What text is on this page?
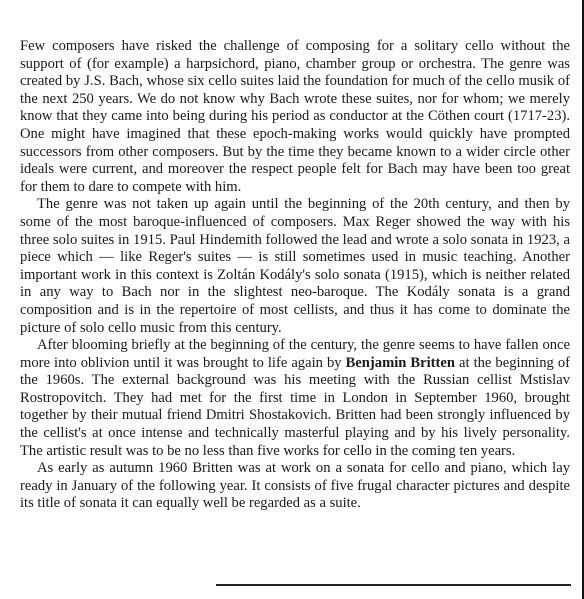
Few composers have risked the challenge of composing for a solitary cello without the support of (for example) a harpsichord, piano, chamber group or orchestra. The genre was created by J.S. Bach, whose six cello suites laid the foundation for much of the cello musik of the next 250 years. We do not know why Bach wrote these suites, nor for whom; we merely know that they came into being during his period as conductor at the Cöthen court (1717-23). One might have imagined that these epoch-making works would quickly have prompted successors from other composers. But by the time they became known to a wider circle other ideals were current, and moreover the respect people felt for Bach may have been too great for them to dare to compete with him.

The genre was not taken up again until the beginning of the 20th century, and then by some of the most baroque-influenced of composers. Max Reger showed the way with his three solo suites in 1915. Paul Hindemith followed the lead and wrote a solo sonata in 1923, a piece which — like Reger's suites — is still sometimes used in music teaching. Another important work in this context is Zoltán Kodály's solo sonata (1915), which is neither related in any way to Bach nor in the slightest neo-baroque. The Kodály sonata is a grand composition and is in the repertoire of most cellists, and thus it has come to dominate the picture of solo cello music from this century.

After blooming briefly at the beginning of the century, the genre seems to have fallen once more into oblivion until it was brought to life again by Benjamin Britten at the beginning of the 1960s. The external background was his meeting with the Russian cellist Mstislav Rostropovitch. They had met for the first time in London in September 1960, brought together by their mutual friend Dmitri Shostakovich. Britten had been strongly influenced by the cellist's at once intense and technically masterful playing and by his lively personality. The artistic result was to be no less than five works for cello in the coming ten years.

As early as autumn 1960 Britten was at work on a sonata for cello and piano, which lay ready in January of the following year. It consists of five frugal character pictures and despite its title of sonata it can equally well be regarded as a suite.
